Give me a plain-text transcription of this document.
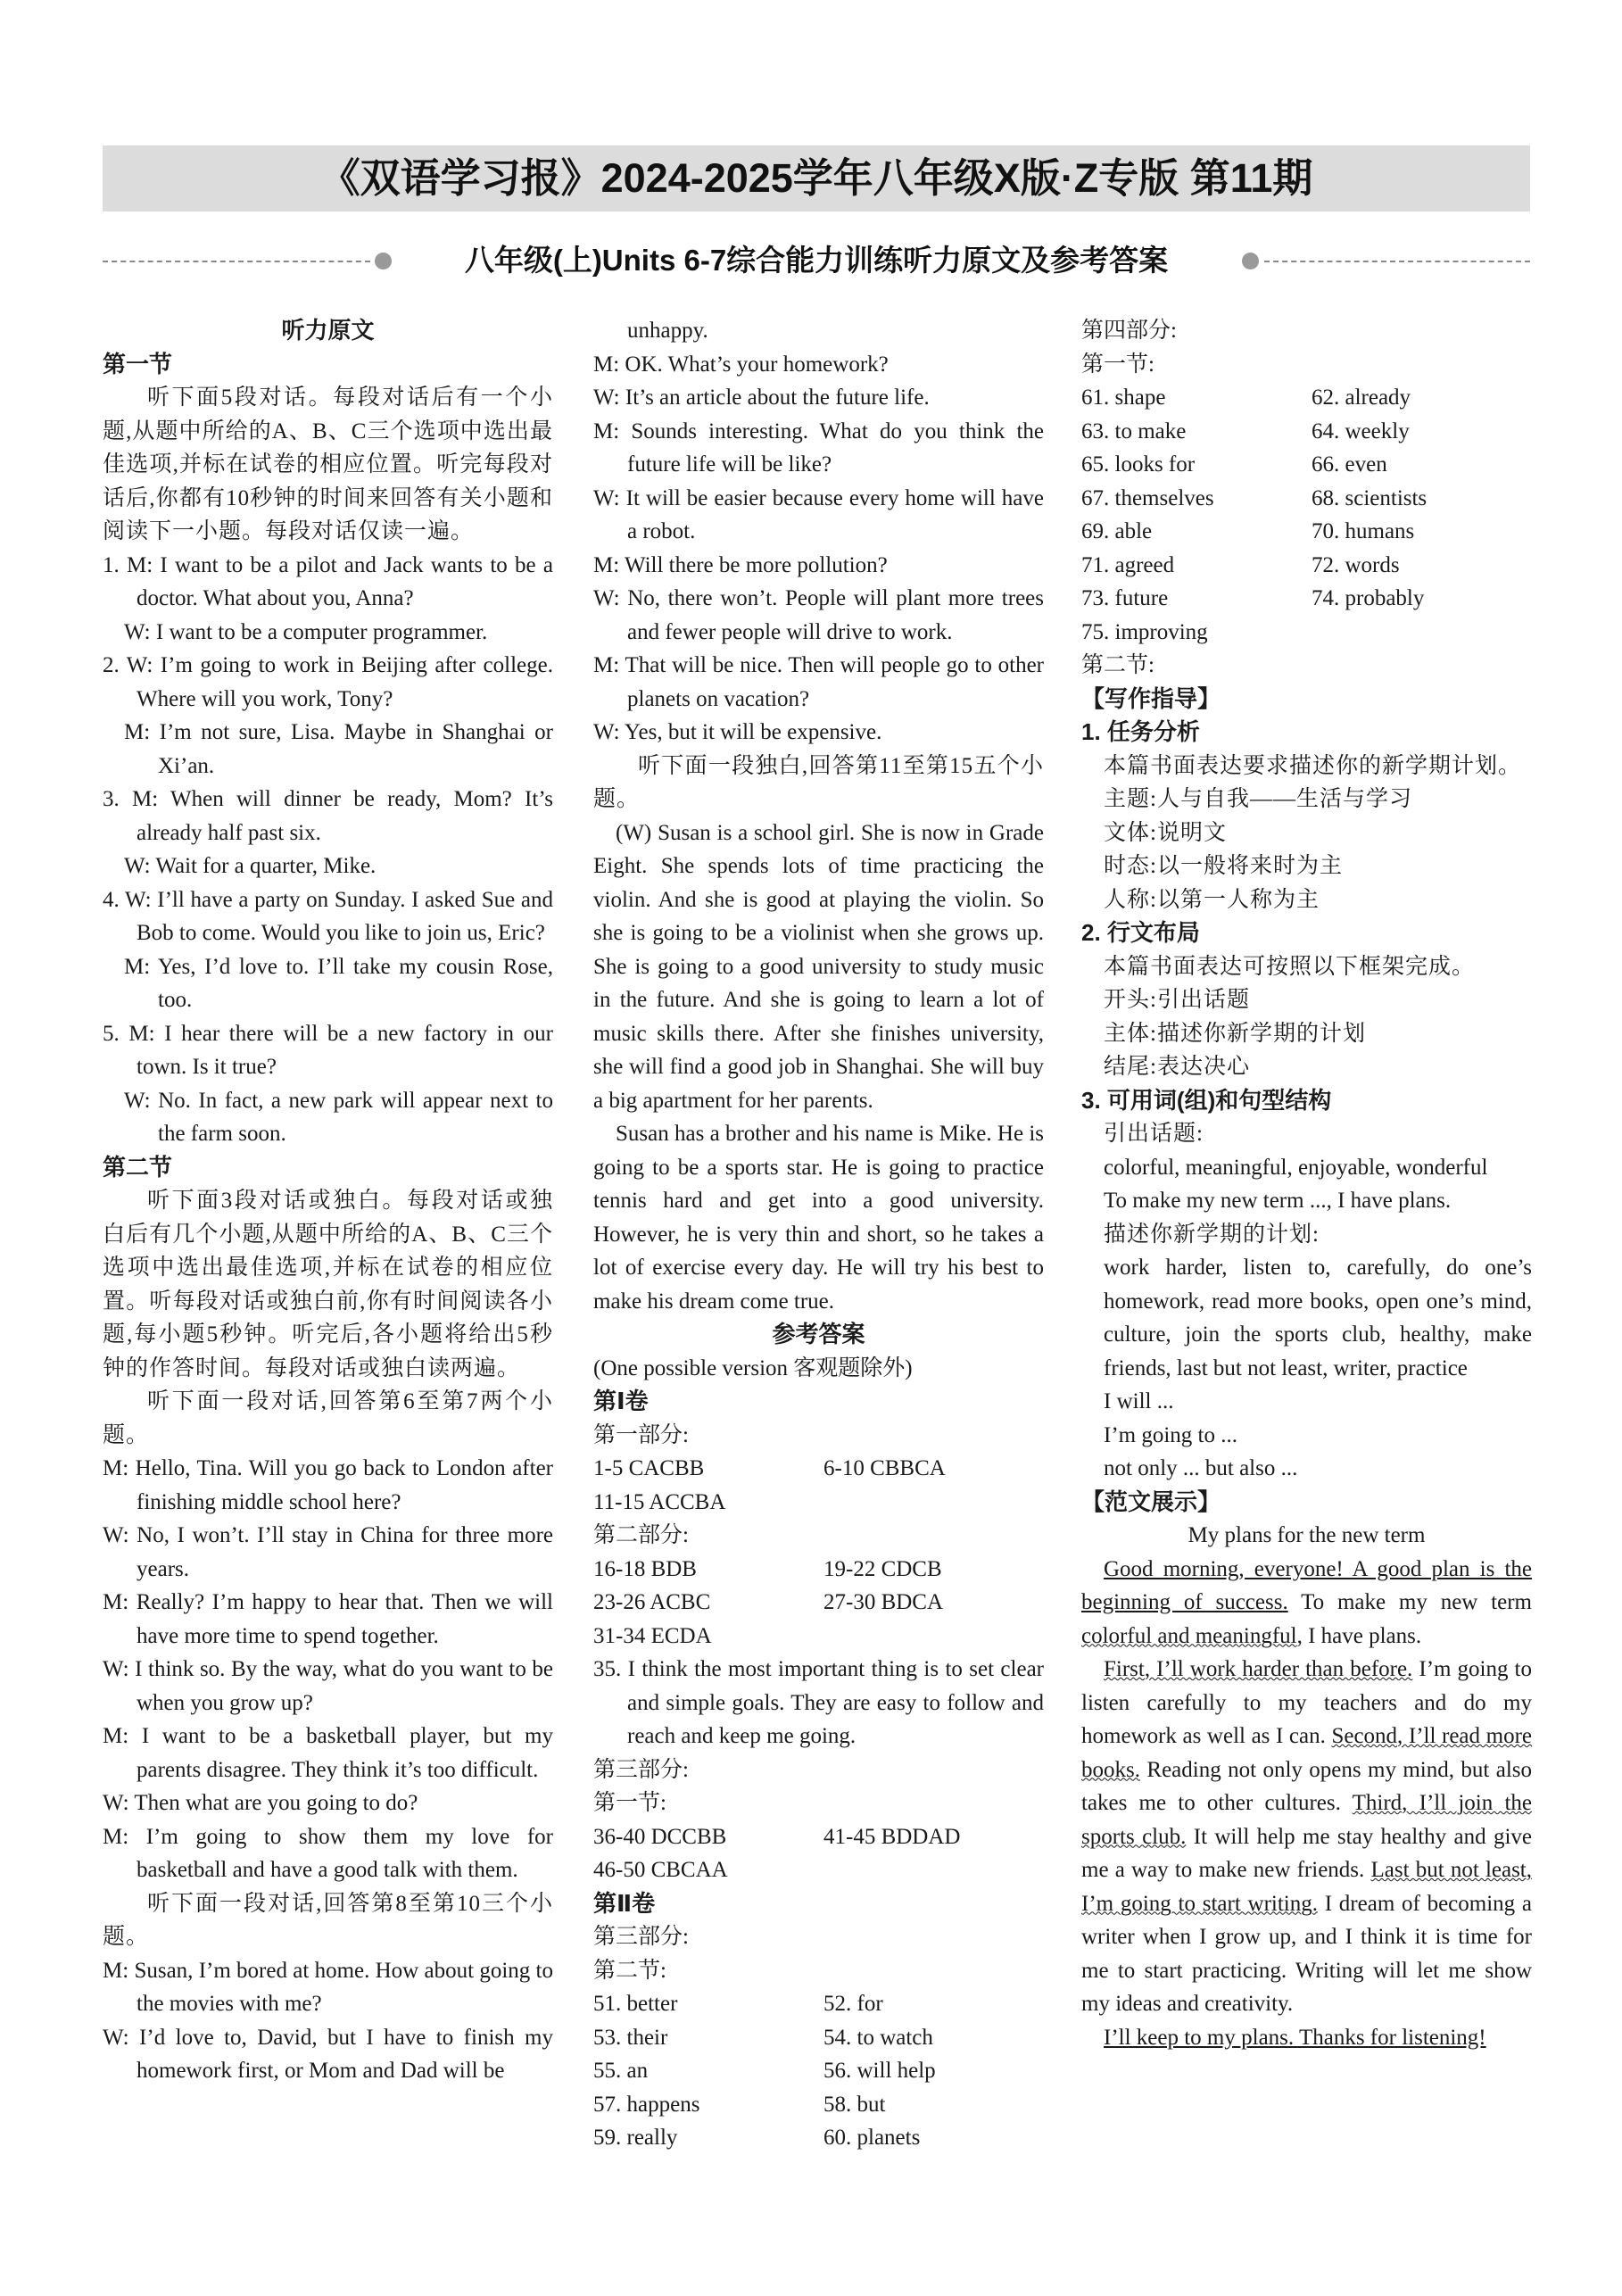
《双语学习报》2024-2025学年八年级X版·Z专版 第11期
八年级(上)Units 6-7综合能力训练听力原文及参考答案

听力原文

第一节

听下面5段对话。每段对话后有一个小题,从题中所给的A、B、C三个选项中选出最佳选项,并标在试卷的相应位置。听完每段对话后,你都有10秒钟的时间来回答有关小题和阅读下一小题。每段对话仅读一遍。

1. M: I want to be a pilot and Jack wants to be a doctor. What about you, Anna?

W: I want to be a computer programmer.

2. W: I’m going to work in Beijing after college. Where will you work, Tony?

M: I’m not sure, Lisa. Maybe in Shanghai or Xi’an.

3. M: When will dinner be ready, Mom? It’s already half past six.

W: Wait for a quarter, Mike.

4. W: I’ll have a party on Sunday. I asked Sue and Bob to come. Would you like to join us, Eric?

M: Yes, I’d love to. I’ll take my cousin Rose, too.

5. M: I hear there will be a new factory in our town. Is it true?

W: No. In fact, a new park will appear next to the farm soon.

第二节

听下面3段对话或独白。每段对话或独白后有几个小题,从题中所给的A、B、C三个选项中选出最佳选项,并标在试卷的相应位置。听每段对话或独白前,你有时间阅读各小题,每小题5秒钟。听完后,各小题将给出5秒钟的作答时间。每段对话或独白读两遍。

听下面一段对话,回答第6至第7两个小题。

M: Hello, Tina. Will you go back to London after finishing middle school here?

W: No, I won’t. I’ll stay in China for three more years.

M: Really? I’m happy to hear that. Then we will have more time to spend together.

W: I think so. By the way, what do you want to be when you grow up?

M: I want to be a basketball player, but my parents disagree. They think it’s too difficult.

W: Then what are you going to do?

M: I’m going to show them my love for basketball and have a good talk with them.

听下面一段对话,回答第8至第10三个小题。

M: Susan, I’m bored at home. How about going to the movies with me?

W: I’d love to, David, but I have to finish my homework first, or Mom and Dad will be

unhappy.

M: OK. What’s your homework?

W: It’s an article about the future life.

M: Sounds interesting. What do you think the future life will be like?

W: It will be easier because every home will have a robot.

M: Will there be more pollution?

W: No, there won’t. People will plant more trees and fewer people will drive to work.

M: That will be nice. Then will people go to other planets on vacation?

W: Yes, but it will be expensive.

听下面一段独白,回答第11至第15五个小题。

(W) Susan is a school girl. She is now in Grade Eight. She spends lots of time practicing the violin. And she is good at playing the violin. So she is going to be a violinist when she grows up. She is going to a good university to study music in the future. And she is going to learn a lot of music skills there. After she finishes university, she will find a good job in Shanghai. She will buy a big apartment for her parents.

Susan has a brother and his name is Mike. He is going to be a sports star. He is going to practice tennis hard and get into a good university. However, he is very thin and short, so he takes a lot of exercise every day. He will try his best to make his dream come true.

参考答案

(One possible version 客观题除外)

第Ⅰ卷

第一部分:

1-5 CACBB	6-10 CBBCA
11-15 ACCBA

第二部分:

16-18 BDB	19-22 CDCB
23-26 ACBC	27-30 BDCA
31-34 ECDA

35. I think the most important thing is to set clear and simple goals. They are easy to follow and reach and keep me going.

第三部分:

第一节:

36-40 DCCBB	41-45 BDDAD
46-50 CBCAA

第Ⅱ卷

第三部分:

第二节:

51. better	52. for
53. their	54. to watch
55. an	56. will help
57. happens	58. but
59. really	60. planets

第四部分:

第一节:

61. shape	62. already
63. to make	64. weekly
65. looks for	66. even
67. themselves	68. scientists
69. able	70. humans
71. agreed	72. words
73. future	74. probably
75. improving

第二节:

【写作指导】

1. 任务分析

本篇书面表达要求描述你的新学期计划。

主题:人与自我——生活与学习

文体:说明文

时态:以一般将来时为主

人称:以第一人称为主

2. 行文布局

本篇书面表达可按照以下框架完成。

开头:引出话题

主体:描述你新学期的计划

结尾:表达决心

3. 可用词(组)和句型结构

引出话题:

colorful, meaningful, enjoyable, wonderful

To make my new term ..., I have plans.

描述你新学期的计划:

work harder, listen to, carefully, do one’s homework, read more books, open one’s mind, culture, join the sports club, healthy, make friends, last but not least, writer, practice

I will ...

I’m going to ...

not only ... but also ...

【范文展示】

My plans for the new term

Good morning, everyone! A good plan is the beginning of success. To make my new term colorful and meaningful, I have plans.

First, I’ll work harder than before. I’m going to listen carefully to my teachers and do my homework as well as I can. Second, I’ll read more books. Reading not only opens my mind, but also takes me to other cultures. Third, I’ll join the sports club. It will help me stay healthy and give me a way to make new friends. Last but not least, I’m going to start writing. I dream of becoming a writer when I grow up, and I think it is time for me to start practicing. Writing will let me show my ideas and creativity.

I’ll keep to my plans. Thanks for listening!
